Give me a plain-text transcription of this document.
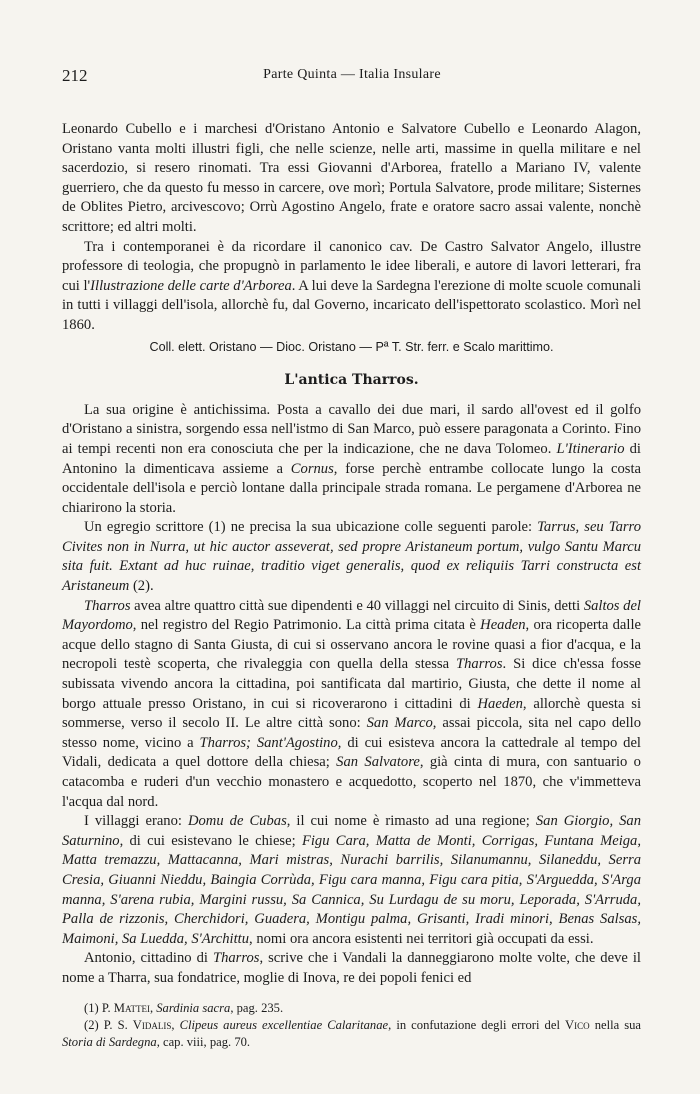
212	Parte Quinta — Italia Insulare

Leonardo Cubello e i marchesi d'Oristano Antonio e Salvatore Cubello e Leonardo Alagon, Oristano vanta molti illustri figli, che nelle scienze, nelle arti, massime in quella militare e nel sacerdozio, si resero rinomati. Tra essi Giovanni d'Arborea, fratello a Mariano IV, valente guerriero, che da questo fu messo in carcere, ove morì; Portula Salvatore, prode militare; Sisternes de Oblites Pietro, arcivescovo; Orrù Agostino Angelo, frate e oratore sacro assai valente, nonchè scrittore; ed altri molti.

Tra i contemporanei è da ricordare il canonico cav. De Castro Salvator Angelo, illustre professore di teologia, che propugnò in parlamento le idee liberali, e autore di lavori letterari, fra cui l'Illustrazione delle carte d'Arborea. A lui deve la Sardegna l'erezione di molte scuole comunali in tutti i villaggi dell'isola, allorchè fu, dal Governo, incaricato dell'ispettorato scolastico. Morì nel 1860.

Coll. elett. Oristano — Dioc. Oristano — Pª T. Str. ferr. e Scalo marittimo.

L'antica Tharros.

La sua origine è antichissima. Posta a cavallo dei due mari, il sardo all'ovest ed il golfo d'Oristano a sinistra, sorgendo essa nell'istmo di San Marco, può essere paragonata a Corinto. Fino ai tempi recenti non era conosciuta che per la indicazione, che ne dava Tolomeo. L'Itinerario di Antonino la dimenticava assieme a Cornus, forse perchè entrambe collocate lungo la costa occidentale dell'isola e perciò lontane dalla principale strada romana. Le pergamene d'Arborea ne chiarirono la storia.

Un egregio scrittore (1) ne precisa la sua ubicazione colle seguenti parole: Tarrus, seu Tarro Civites non in Nurra, ut hic auctor asseverat, sed propre Aristaneum portum, vulgo Santu Marcu sita fuit. Extant ad huc ruinae, traditio viget generalis, quod ex reliquiis Tarri constructa est Aristaneum (2).

Tharros avea altre quattro città sue dipendenti e 40 villaggi nel circuito di Sinis, detti Saltos del Mayordomo, nel registro del Regio Patrimonio. La città prima citata è Headen, ora ricoperta dalle acque dello stagno di Santa Giusta, di cui si osservano ancora le rovine quasi a fior d'acqua, e la necropoli testè scoperta, che rivaleggia con quella della stessa Tharros. Si dice ch'essa fosse subissata vivendo ancora la cittadina, poi santificata dal martirio, Giusta, che dette il nome al borgo attuale presso Oristano, in cui si ricoverarono i cittadini di Haeden, allorchè questa si sommerse, verso il secolo II. Le altre città sono: San Marco, assai piccola, sita nel capo dello stesso nome, vicino a Tharros; Sant'Agostino, di cui esisteva ancora la cattedrale al tempo del Vidali, dedicata a quel dottore della chiesa; San Salvatore, già cinta di mura, con santuario o catacomba e ruderi d'un vecchio monastero e acquedotto, scoperto nel 1870, che v'immetteva l'acqua dal nord.

I villaggi erano: Domu de Cubas, il cui nome è rimasto ad una regione; San Giorgio, San Saturnino, di cui esistevano le chiese; Figu Cara, Matta de Monti, Corrigas, Funtana Meiga, Matta tremazzu, Mattacanna, Mari mistras, Nurachi barrilis, Silanumannu, Silaneddu, Serra Cresia, Giuanni Nieddu, Baingia Corrùda, Figu cara manna, Figu cara pitia, S'Arguedda, S'Arga manna, S'arena rubia, Margini russu, Sa Cannica, Su Lurdagu de su moru, Leporada, S'Arruda, Palla de rizzonis, Cherchidori, Guadera, Montigu palma, Grisanti, Iradi minori, Benas Salsas, Maimoni, Sa Luedda, S'Archittu, nomi ora ancora esistenti nei territori già occupati da essi.

Antonio, cittadino di Tharros, scrive che i Vandali la danneggiarono molte volte, che deve il nome a Tharra, sua fondatrice, moglie di Inova, re dei popoli fenici ed

(1) P. Mattei, Sardinia sacra, pag. 235.

(2) P. S. Vidalis, Clipeus aureus excellentiae Calaritanae, in confutazione degli errori del Vico nella sua Storia di Sardegna, cap. viii, pag. 70.
